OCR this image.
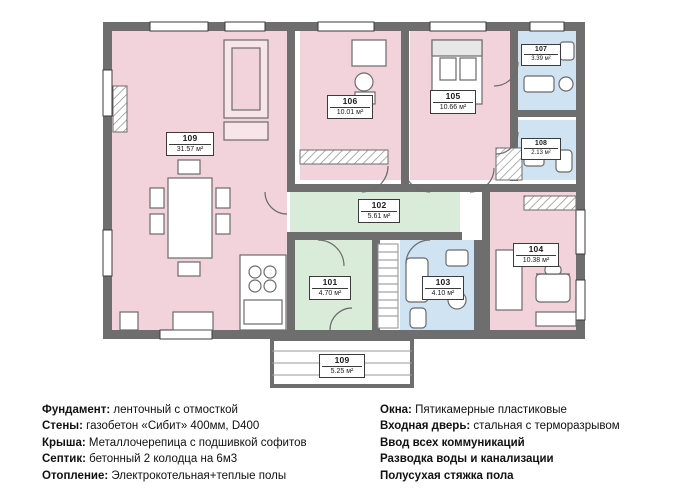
109
31.57 м²
106
10.01 м²
105
10.66 м²
107
3.39 м²
108
2.13 м²
104
10.38 м²
102
5.61 м²
101
4.70 м²
103
4.10 м²
109
5.25 м²
Фундамент: ленточный с отмосткой
Стены: газобетон «Сибит» 400мм, D400
Крыша: Металлочерепица с подшивкой софитов
Септик: бетонный 2 колодца на 6м3
Отопление: Электрокотельная+теплые полы
Окна: Пятикамерные пластиковые
Входная дверь: стальная с терморазрывом
Ввод всех коммуникаций
Разводка воды и канализации
Полусухая стяжка пола
